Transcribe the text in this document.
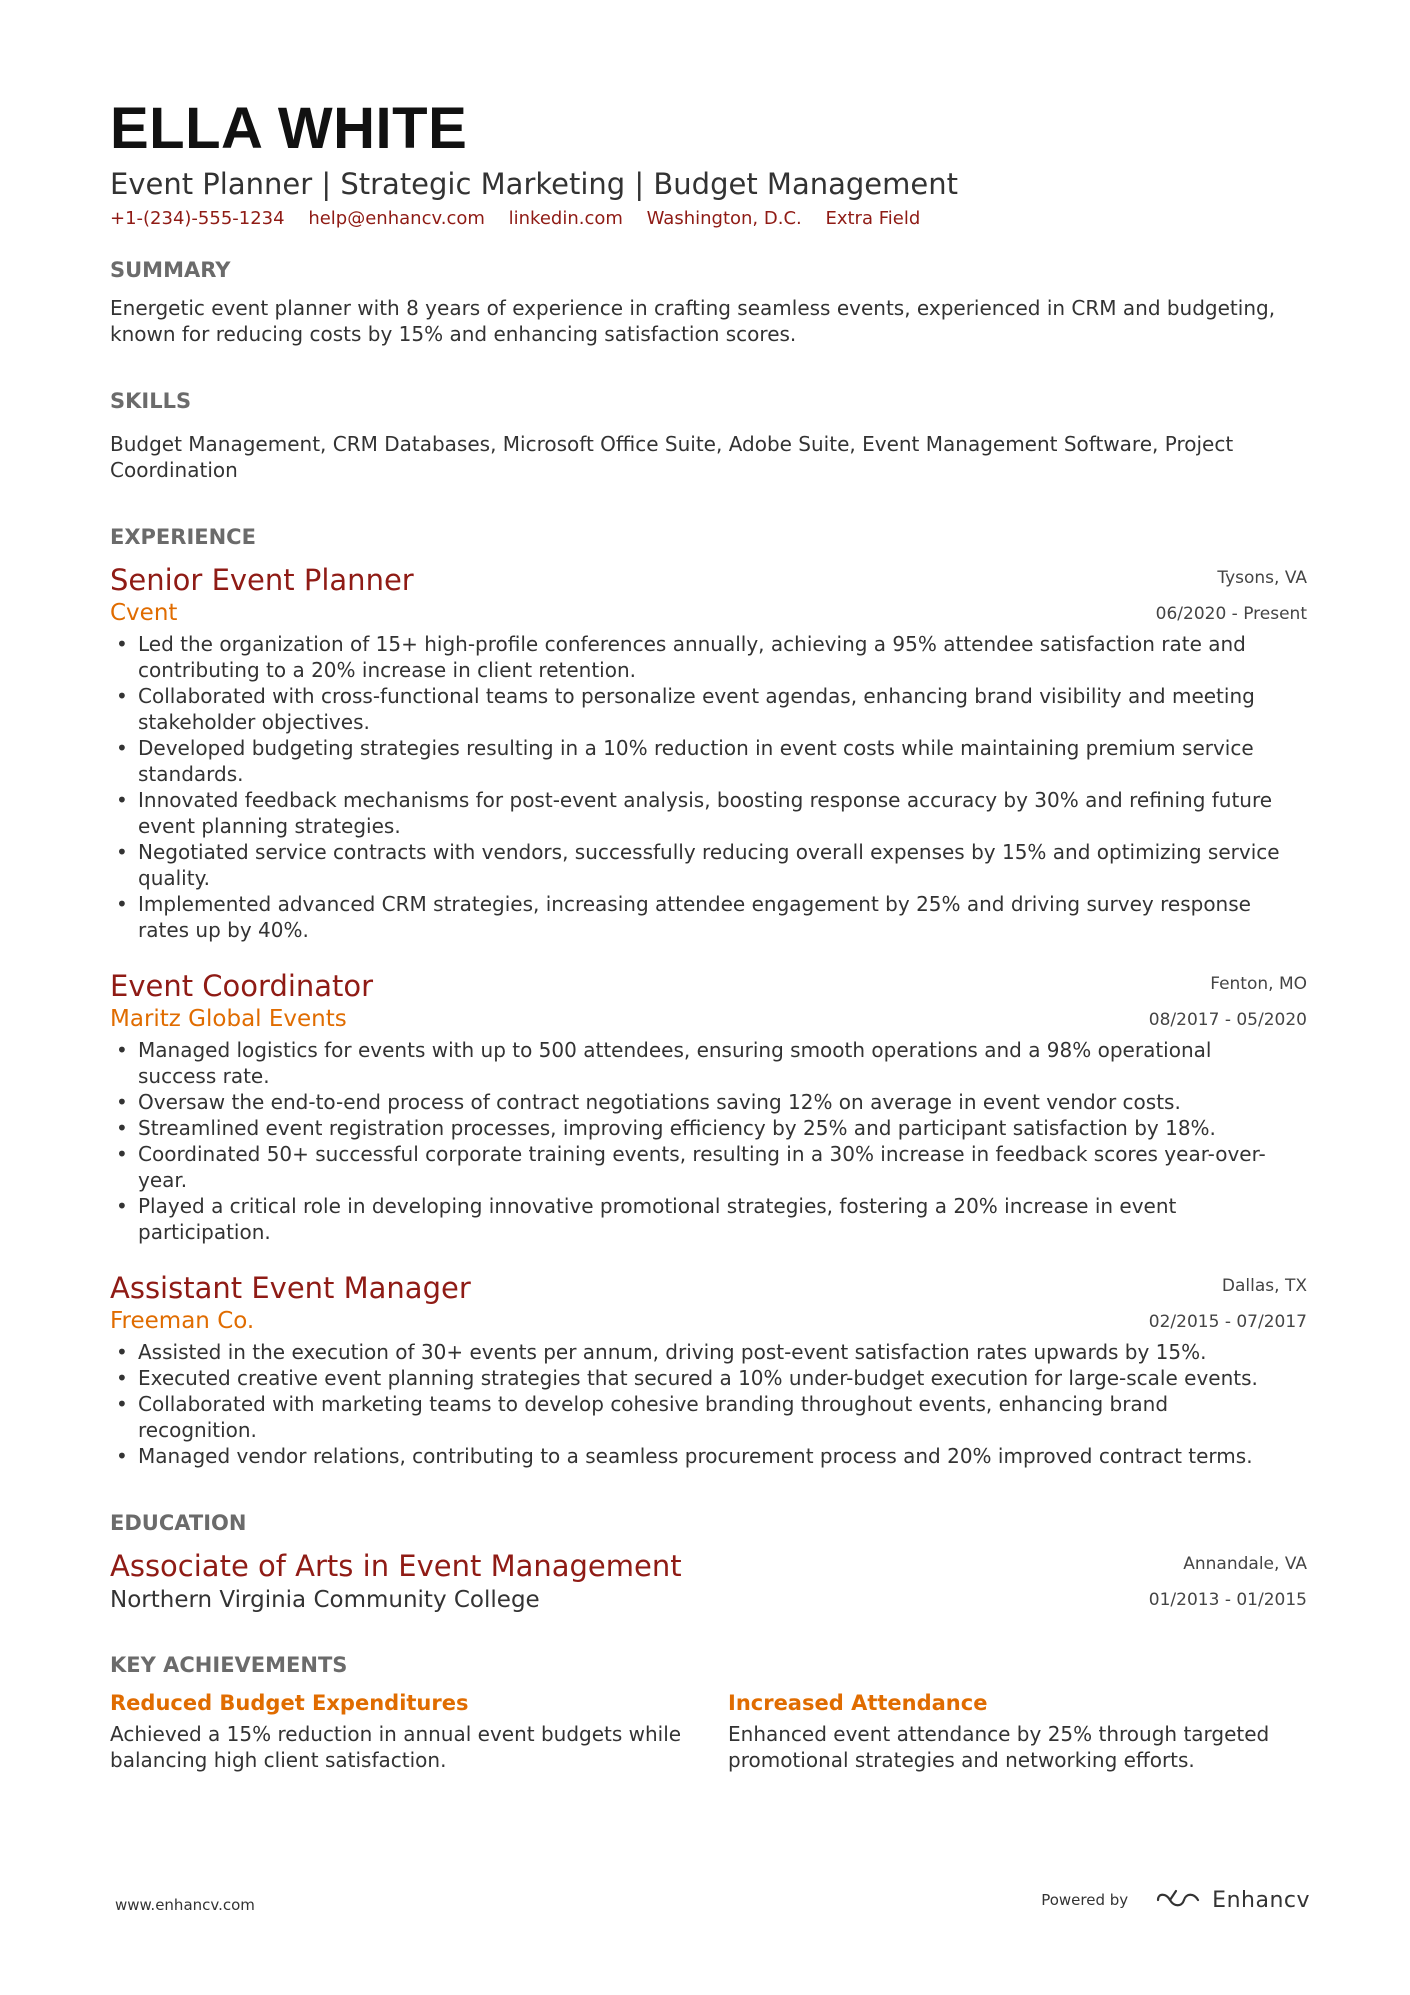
ELLA WHITE
Event Planner | Strategic Marketing | Budget Management
+1-(234)-555-1234 help@enhancv.com linkedin.com Washington, D.C. Extra Field
SUMMARY
Energetic event planner with 8 years of experience in crafting seamless events, experienced in CRM and budgeting, known for reducing costs by 15% and enhancing satisfaction scores.
SKILLS
Budget Management, CRM Databases, Microsoft Office Suite, Adobe Suite, Event Management Software, Project Coordination
EXPERIENCE
Senior Event Planner
Cvent
Tysons, VA
06/2020 - Present
• Led the organization of 15+ high-profile conferences annually, achieving a 95% attendee satisfaction rate and contributing to a 20% increase in client retention.
• Collaborated with cross-functional teams to personalize event agendas, enhancing brand visibility and meeting stakeholder objectives.
• Developed budgeting strategies resulting in a 10% reduction in event costs while maintaining premium service standards.
• Innovated feedback mechanisms for post-event analysis, boosting response accuracy by 30% and refining future event planning strategies.
• Negotiated service contracts with vendors, successfully reducing overall expenses by 15% and optimizing service quality.
• Implemented advanced CRM strategies, increasing attendee engagement by 25% and driving survey response rates up by 40%.
Event Coordinator
Maritz Global Events
Fenton, MO
08/2017 - 05/2020
• Managed logistics for events with up to 500 attendees, ensuring smooth operations and a 98% operational success rate.
• Oversaw the end-to-end process of contract negotiations saving 12% on average in event vendor costs.
• Streamlined event registration processes, improving efficiency by 25% and participant satisfaction by 18%.
• Coordinated 50+ successful corporate training events, resulting in a 30% increase in feedback scores year-over-year.
• Played a critical role in developing innovative promotional strategies, fostering a 20% increase in event participation.
Assistant Event Manager
Freeman Co.
Dallas, TX
02/2015 - 07/2017
• Assisted in the execution of 30+ events per annum, driving post-event satisfaction rates upwards by 15%.
• Executed creative event planning strategies that secured a 10% under-budget execution for large-scale events.
• Collaborated with marketing teams to develop cohesive branding throughout events, enhancing brand recognition.
• Managed vendor relations, contributing to a seamless procurement process and 20% improved contract terms.
EDUCATION
Associate of Arts in Event Management
Northern Virginia Community College
Annandale, VA
01/2013 - 01/2015
KEY ACHIEVEMENTS
Reduced Budget Expenditures
Achieved a 15% reduction in annual event budgets while balancing high client satisfaction.
Increased Attendance
Enhanced event attendance by 25% through targeted promotional strategies and networking efforts.
www.enhancv.com	Powered by	Enhancv
